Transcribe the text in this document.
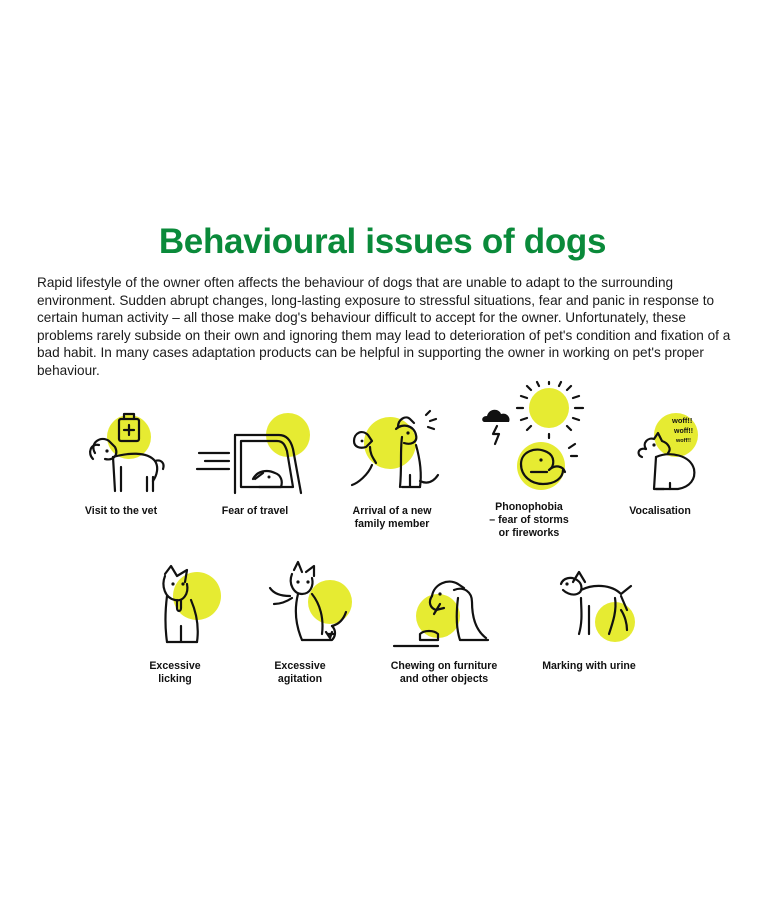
Behavioural issues of dogs

Rapid lifestyle of the owner often affects the behaviour of dogs that are unable to adapt to the surrounding environment. Sudden abrupt changes, long-lasting exposure to stressful situations, fear and panic in response to certain human activity – all those make dog's behaviour difficult to accept for the owner. Unfortunately, these problems rarely subside on their own and ignoring them may lead to deterioration of pet's condition and fixation of a bad habit. In many cases adaptation products can be helpful in supporting the owner in working on pet's proper behaviour.

Visit to the vet	Fear of travel	Arrival of a new
family member
Phonophobia
– fear of storms
or fireworks
woff!!
woff!!
woff!!
Vocalisation
Excessive
licking
Excessive
agitation
Chewing on furniture
and other objects
Marking with urine
